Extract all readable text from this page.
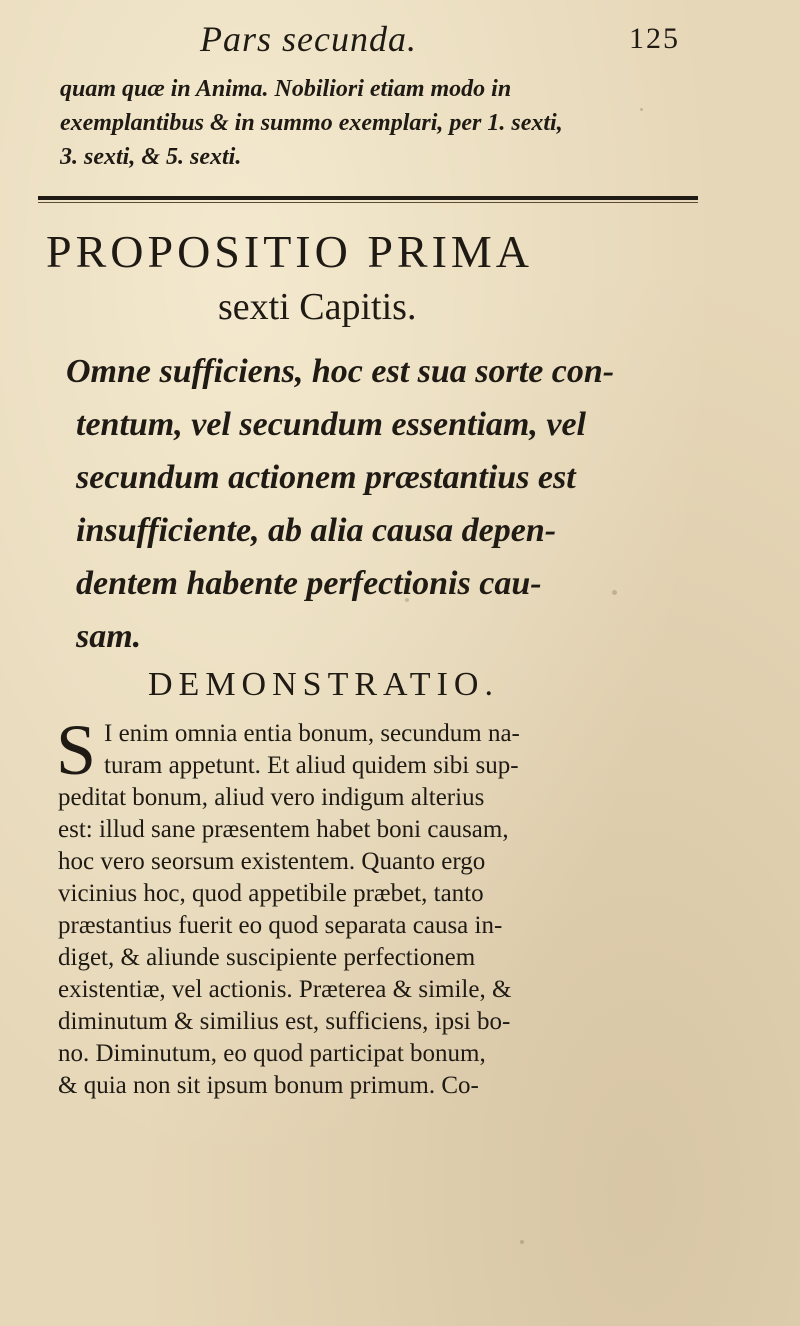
Pars secunda.	125
quam quæ in Anima. Nobiliori etiam modo in
exemplantibus & in summo exemplari, per 1. sexti,
3. sexti, & 5. sexti.
PROPOSITIO PRIMA
sexti Capitis.
Omne sufficiens, hoc est sua sorte con-
tentum, vel secundum essentiam, vel
secundum actionem præstantius est
insufficiente, ab alia causa depen-
dentem habente perfectionis cau-
sam.
DEMONSTRATIO.
S I enim omnia entia bonum, secundum na-
turam appetunt. Et aliud quidem sibi sup-
peditat bonum, aliud vero indigum alterius
est: illud sane præsentem habet boni causam,
hoc vero seorsum existentem. Quanto ergo
vicinius hoc, quod appetibile præbet, tanto
præstantius fuerit eo quod separata causa in-
diget, & aliunde suscipiente perfectionem
existentiæ, vel actionis. Præterea & simile, &
diminutum & similius est, sufficiens, ipsi bo-
no. Diminutum, eo quod participat bonum,
& quia non sit ipsum bonum primum. Co-
